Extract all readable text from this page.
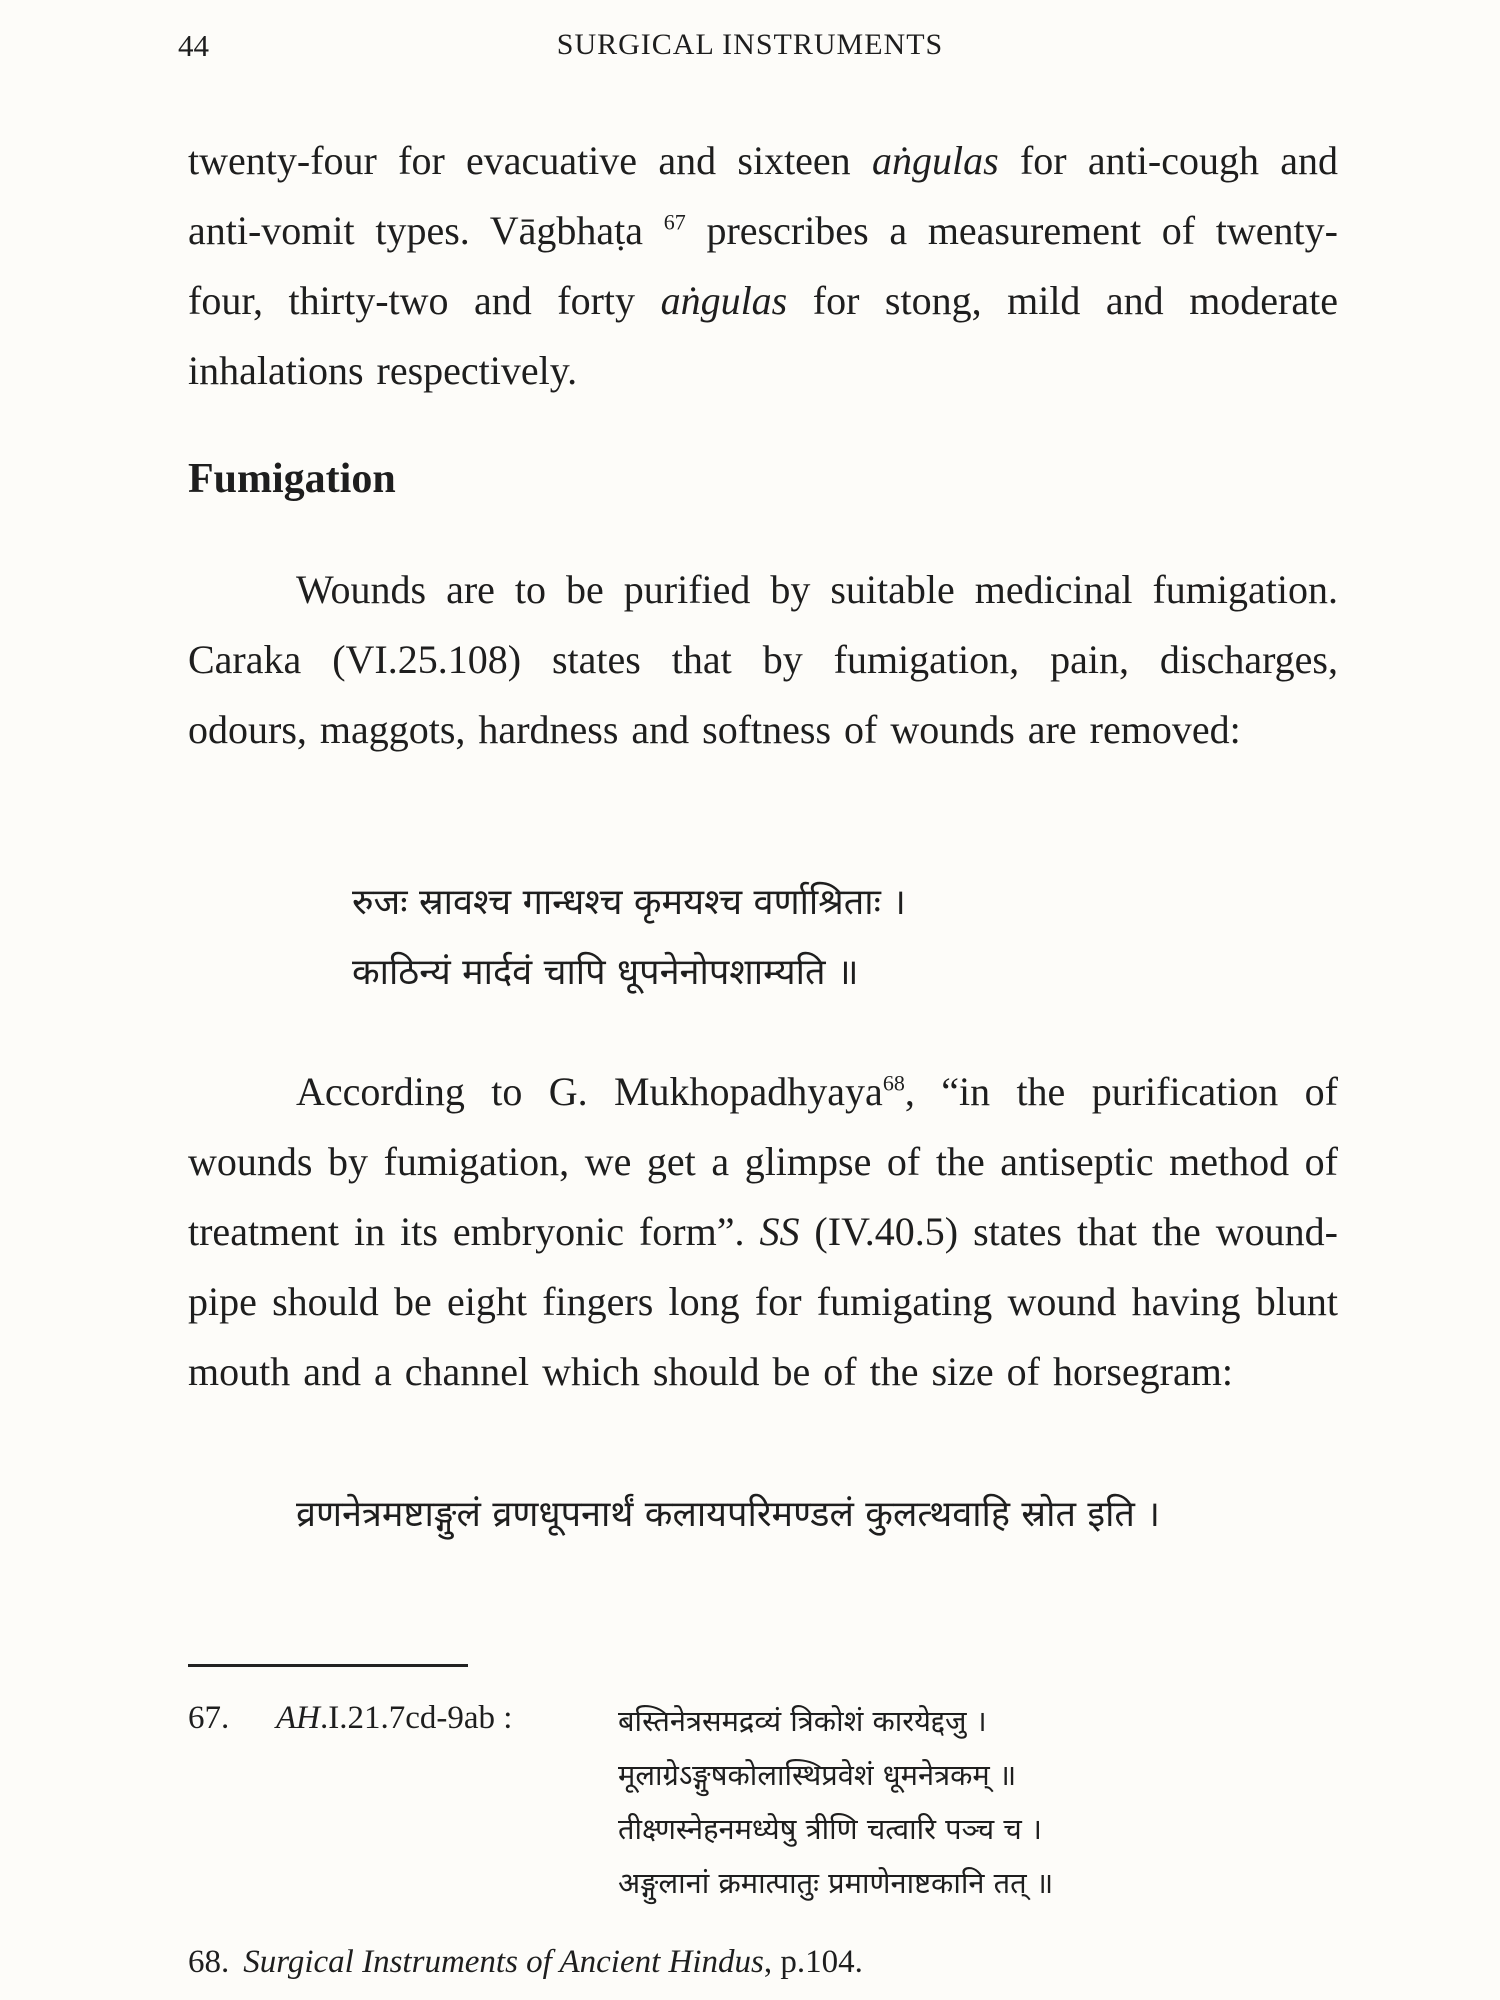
44	SURGICAL INSTRUMENTS

twenty-four for evacuative and sixteen aṅgulas for anti-cough and anti-vomit types. Vāgbhaṭa $^{67}$ prescribes a measurement of twenty-four, thirty-two and forty aṅgulas for stong, mild and moderate inhalations respectively.

Fumigation

Wounds are to be purified by suitable medicinal fumigation. Caraka (VI.25.108) states that by fumigation, pain, discharges, odours, maggots, hardness and softness of wounds are removed:

रुजः स्रावश्च गान्धश्च कृमयश्च वर्णाश्रिताः ।
काठिन्यं मार्दवं चापि धूपनेनोपशाम्यति ॥

According to G. Mukhopadhyaya$^{68}$, “in the purification of wounds by fumigation, we get a glimpse of the antiseptic method of treatment in its embryonic form”. SS (IV.40.5) states that the wound-pipe should be eight fingers long for fumigating wound having blunt mouth and a channel which should be of the size of horsegram:

व्रणनेत्रमष्टाङ्गुलं व्रणधूपनार्थं कलायपरिमण्डलं कुलत्थवाहि स्रोत इति ।
67. AH.I.21.7cd-9ab :	बस्तिनेत्रसमद्रव्यं त्रिकोशं कारयेद्दजु ।
मूलाग्रेऽङ्गुषकोलास्थिप्रवेशं धूमनेत्रकम् ॥
तीक्ष्णस्नेहनमध्येषु त्रीणि चत्वारि पञ्च च ।
अङ्गुलानां क्रमात्पातुः प्रमाणेनाष्टकानि तत् ॥
68. Surgical Instruments of Ancient Hindus, p.104.
